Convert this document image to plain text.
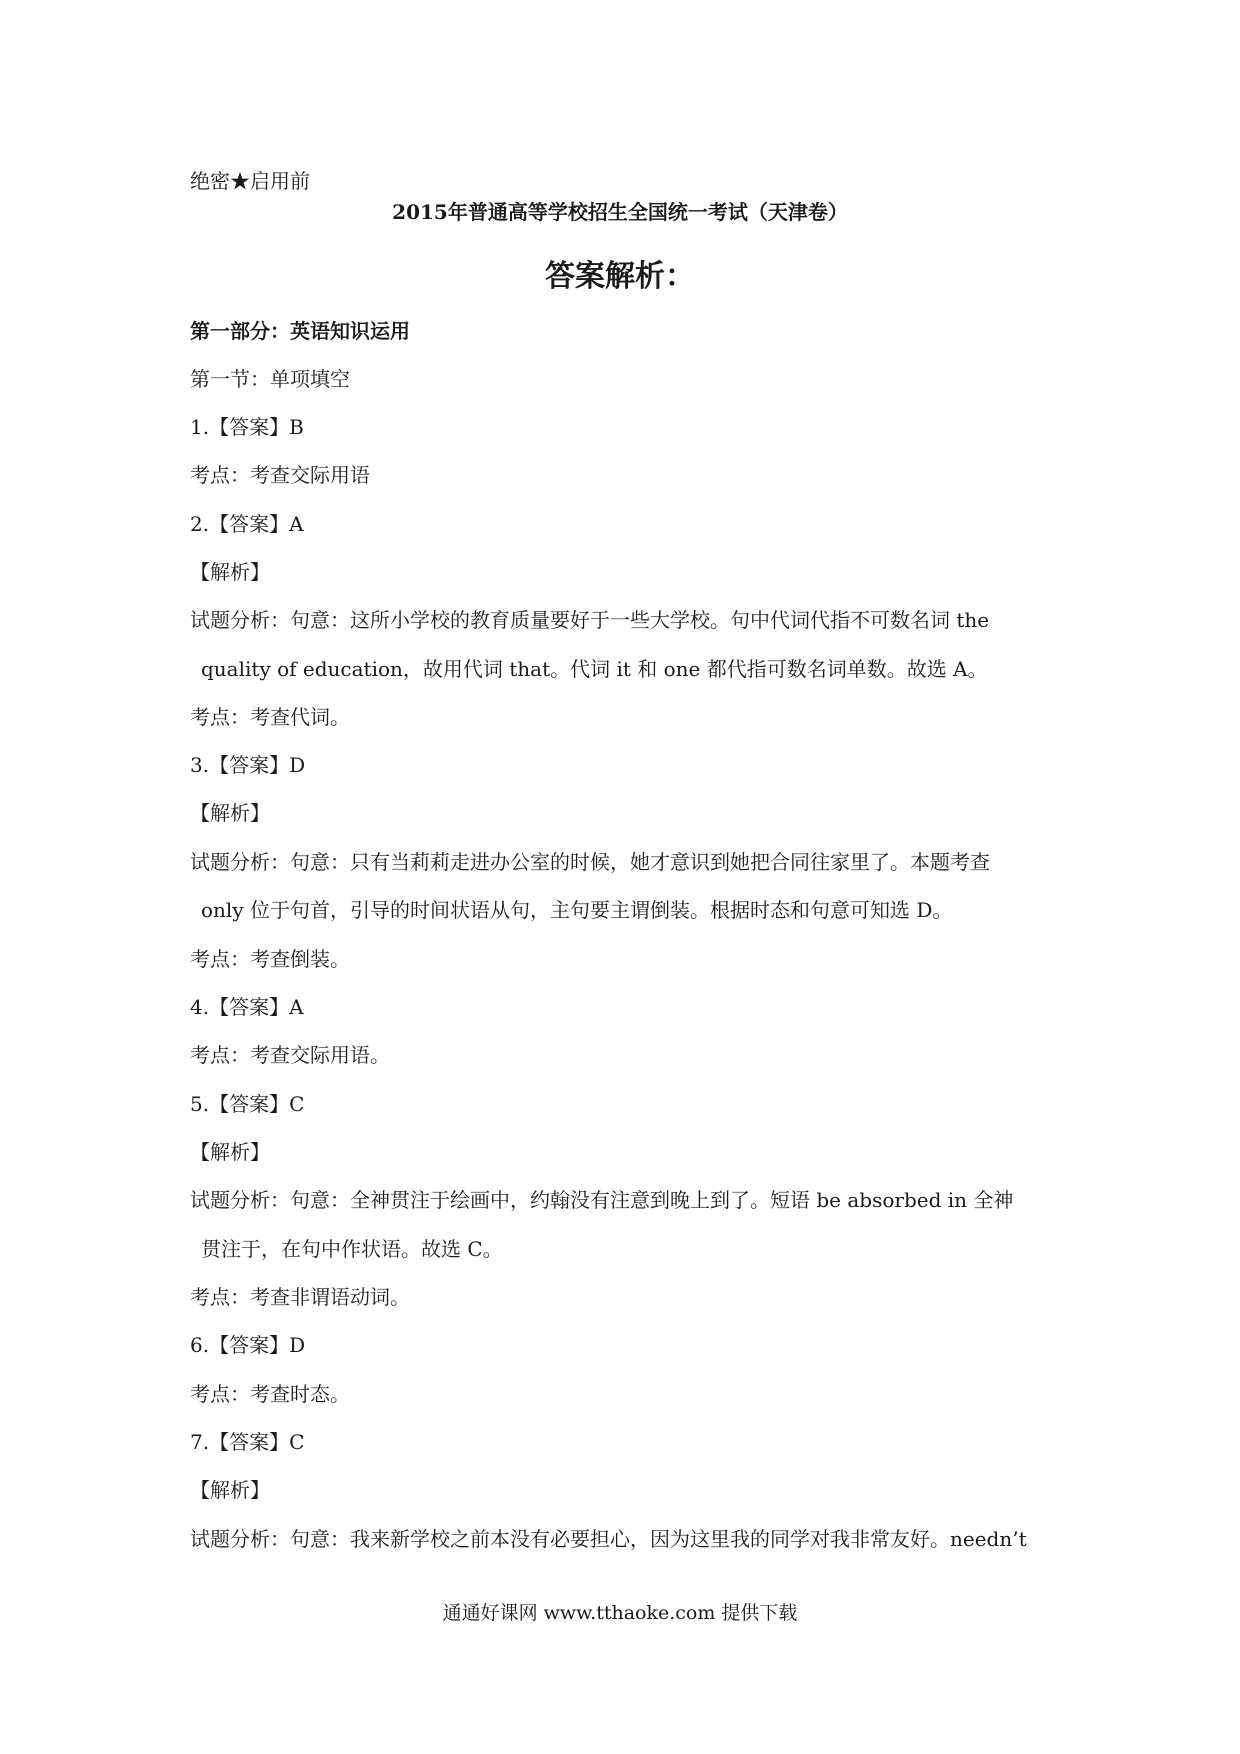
绝密★启用前
2015年普通高等学校招生全国统一考试（天津卷）
答案解析：
第一部分：英语知识运用
第一节：单项填空
1.【答案】B
考点：考查交际用语
2.【答案】A
【解析】
试题分析：句意：这所小学校的教育质量要好于一些大学校。句中代词代指不可数名词 the
quality of education，故用代词 that。代词 it 和 one 都代指可数名词单数。故选 A。
考点：考查代词。
3.【答案】D
【解析】
试题分析：句意：只有当莉莉走进办公室的时候，她才意识到她把合同往家里了。本题考查
only 位于句首，引导的时间状语从句，主句要主谓倒装。根据时态和句意可知选 D。
考点：考查倒装。
4.【答案】A
考点：考查交际用语。
5.【答案】C
【解析】
试题分析：句意：全神贯注于绘画中，约翰没有注意到晚上到了。短语 be absorbed in 全神
贯注于，在句中作状语。故选 C。
考点：考查非谓语动词。
6.【答案】D
考点：考查时态。
7.【答案】C
【解析】
试题分析：句意：我来新学校之前本没有必要担心，因为这里我的同学对我非常友好。needn’t
通通好课网 www.tthaoke.com 提供下载
